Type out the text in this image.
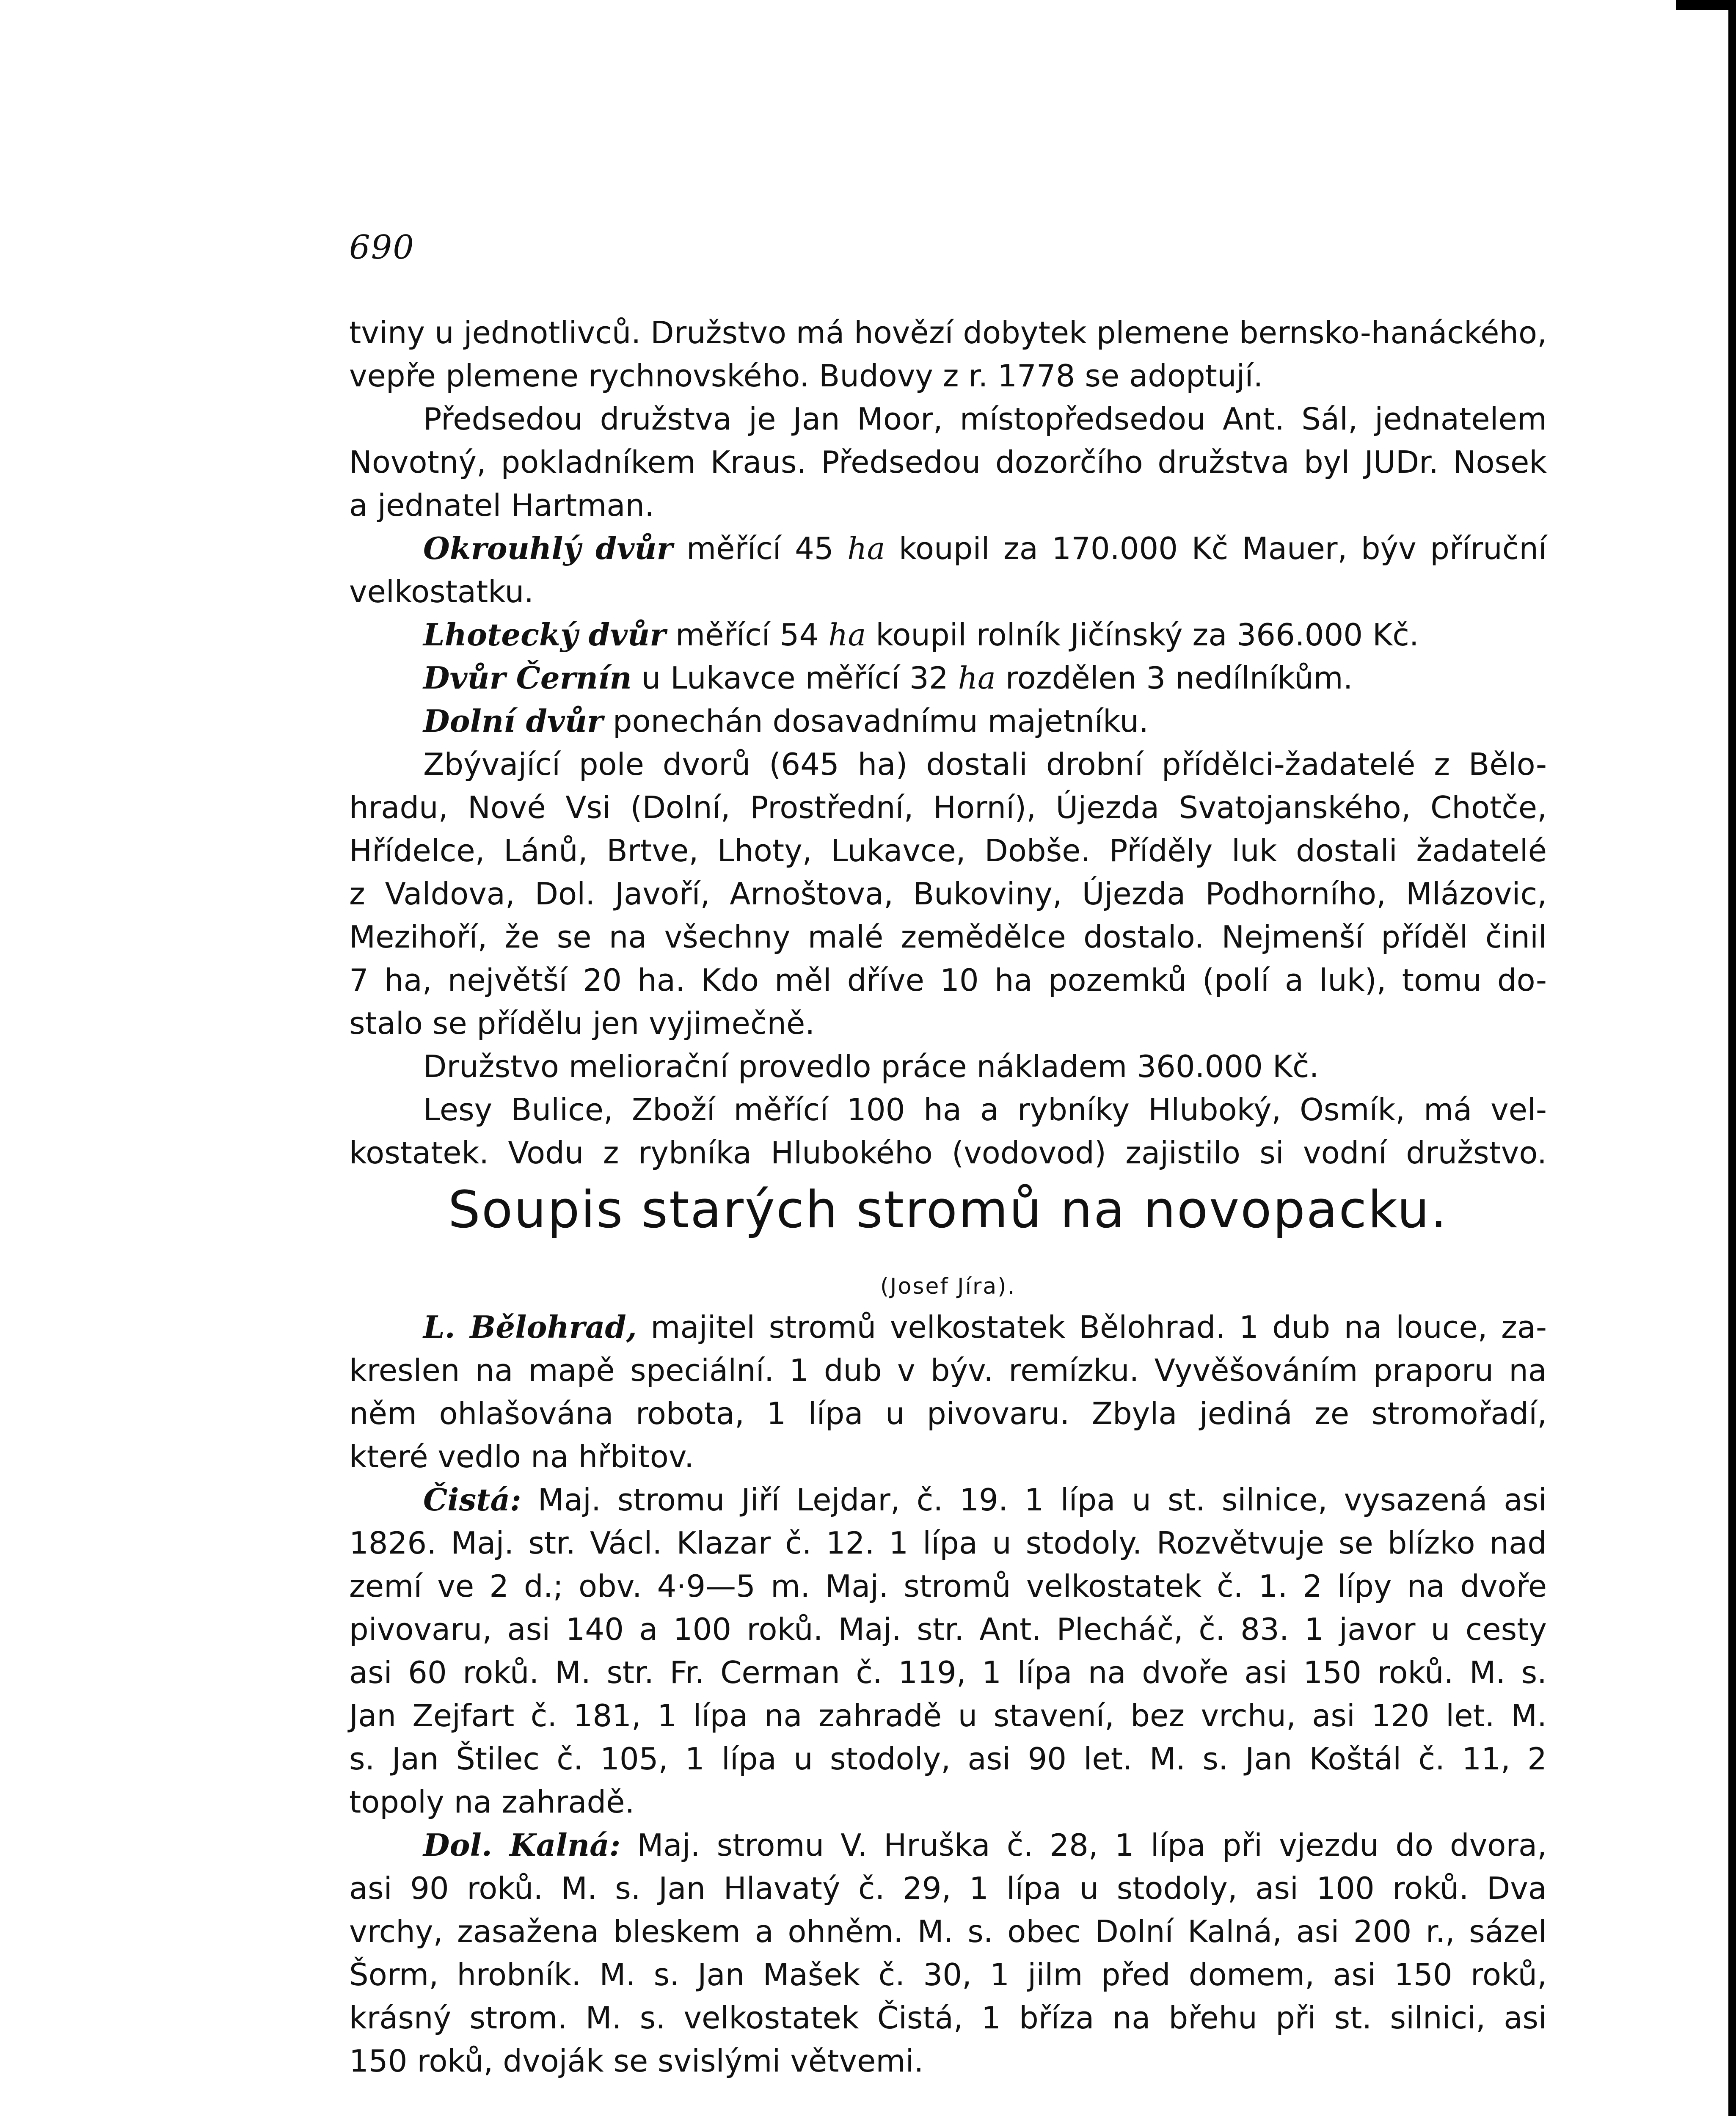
690

tviny u jednotlivců. Družstvo má hovězí dobytek plemene bernsko-hanáckého,

vepře plemene rychnovského. Budovy z r. 1778 se adoptují.

Předsedou družstva je Jan Moor, místopředsedou Ant. Sál, jednatelem

Novotný, pokladníkem Kraus. Předsedou dozorčího družstva byl JUDr. Nosek

a jednatel Hartman.

Okrouhlý dvůr měřící 45 ha koupil za 170.000 Kč Mauer, býv příruční

velkostatku.

Lhotecký dvůr měřící 54 ha koupil rolník Jičínský za 366.000 Kč.

Dvůr Černín u Lukavce měřící 32 ha rozdělen 3 nedílníkům.

Dolní dvůr ponechán dosavadnímu majetníku.

Zbývající pole dvorů (645 ha) dostali drobní přídělci-žadatelé z Bělo-

hradu, Nové Vsi (Dolní, Prostřední, Horní), Újezda Svatojanského, Chotče,

Hřídelce, Lánů, Brtve, Lhoty, Lukavce, Dobše. Příděly luk dostali žadatelé

z Valdova, Dol. Javoří, Arnoštova, Bukoviny, Újezda Podhorního, Mlázovic,

Mezihoří, že se na všechny malé zemědělce dostalo. Nejmenší příděl činil

7 ha, největší 20 ha. Kdo měl dříve 10 ha pozemků (polí a luk), tomu do-

stalo se přídělu jen vyjimečně.

Družstvo meliorační provedlo práce nákladem 360.000 Kč.

Lesy Bulice, Zboží měřící 100 ha a rybníky Hluboký, Osmík, má vel-

kostatek. Vodu z rybníka Hlubokého (vodovod) zajistilo si vodní družstvo.

Soupis starých stromů na novopacku.
(Josef Jíra).

L. Bělohrad, majitel stromů velkostatek Bělohrad. 1 dub na louce, za-

kreslen na mapě speciální. 1 dub v býv. remízku. Vyvěšováním praporu na

něm ohlašována robota, 1 lípa u pivovaru. Zbyla jediná ze stromořadí,

které vedlo na hřbitov.

Čistá: Maj. stromu Jiří Lejdar, č. 19. 1 lípa u st. silnice, vysazená asi

1826. Maj. str. Václ. Klazar č. 12. 1 lípa u stodoly. Rozvětvuje se blízko nad

zemí ve 2 d.; obv. 4·9—5 m. Maj. stromů velkostatek č. 1. 2 lípy na dvoře

pivovaru, asi 140 a 100 roků. Maj. str. Ant. Plecháč, č. 83. 1 javor u cesty

asi 60 roků. M. str. Fr. Cerman č. 119, 1 lípa na dvoře asi 150 roků. M. s.

Jan Zejfart č. 181, 1 lípa na zahradě u stavení, bez vrchu, asi 120 let. M.

s. Jan Štilec č. 105, 1 lípa u stodoly, asi 90 let. M. s. Jan Koštál č. 11, 2

topoly na zahradě.

Dol. Kalná: Maj. stromu V. Hruška č. 28, 1 lípa při vjezdu do dvora,

asi 90 roků. M. s. Jan Hlavatý č. 29, 1 lípa u stodoly, asi 100 roků. Dva

vrchy, zasažena bleskem a ohněm. M. s. obec Dolní Kalná, asi 200 r., sázel

Šorm, hrobník. M. s. Jan Mašek č. 30, 1 jilm před domem, asi 150 roků,

krásný strom. M. s. velkostatek Čistá, 1 bříza na břehu při st. silnici, asi

150 roků, dvoják se svislými větvemi.
